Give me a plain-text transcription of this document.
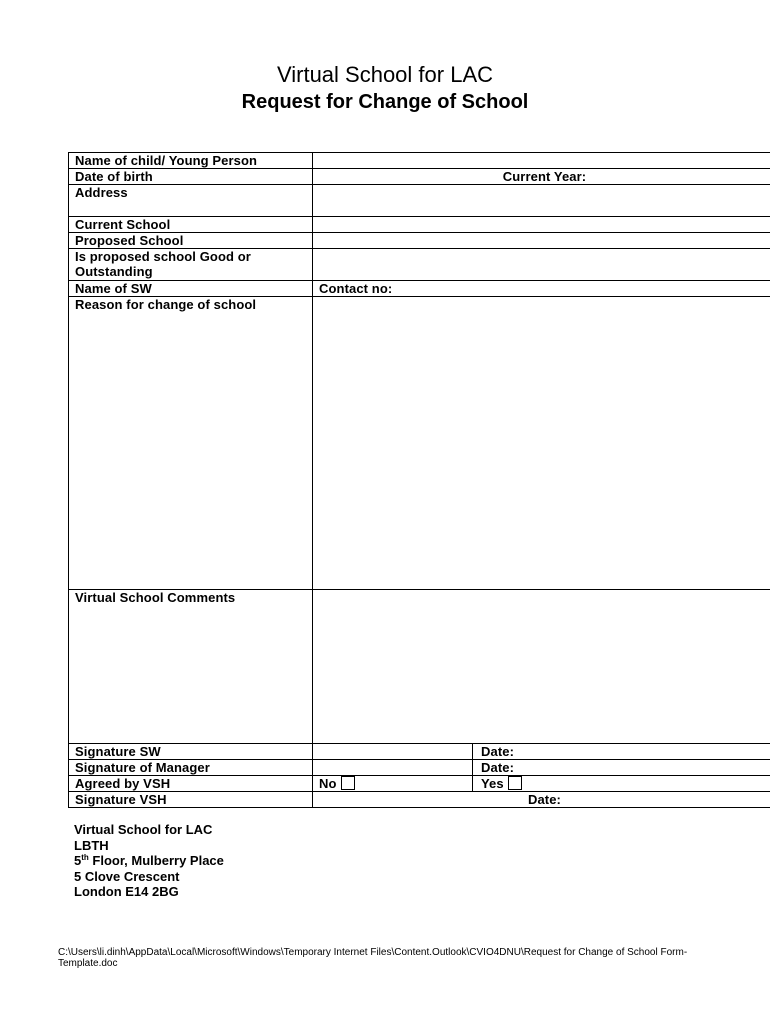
Virtual School for LAC
Request for Change of School
Name of child/ Young Person		
Date of birth	Current Year:	
Address		
Current School		
Proposed School		
Is proposed school Good or Outstanding		
Name of SW	Contact no:	
Reason for change of school		
Virtual School Comments		
Signature SW		Date:
Signature of Manager		Date:
Agreed by VSH	No	Yes
Signature VSH	Date:	
Virtual School for LAC
LBTH
5th Floor, Mulberry Place
5 Clove Crescent
London E14 2BG
C:\Users\li.dinh\AppData\Local\Microsoft\Windows\Temporary Internet Files\Content.Outlook\CVIO4DNU\Request for Change of School Form- Template.doc
